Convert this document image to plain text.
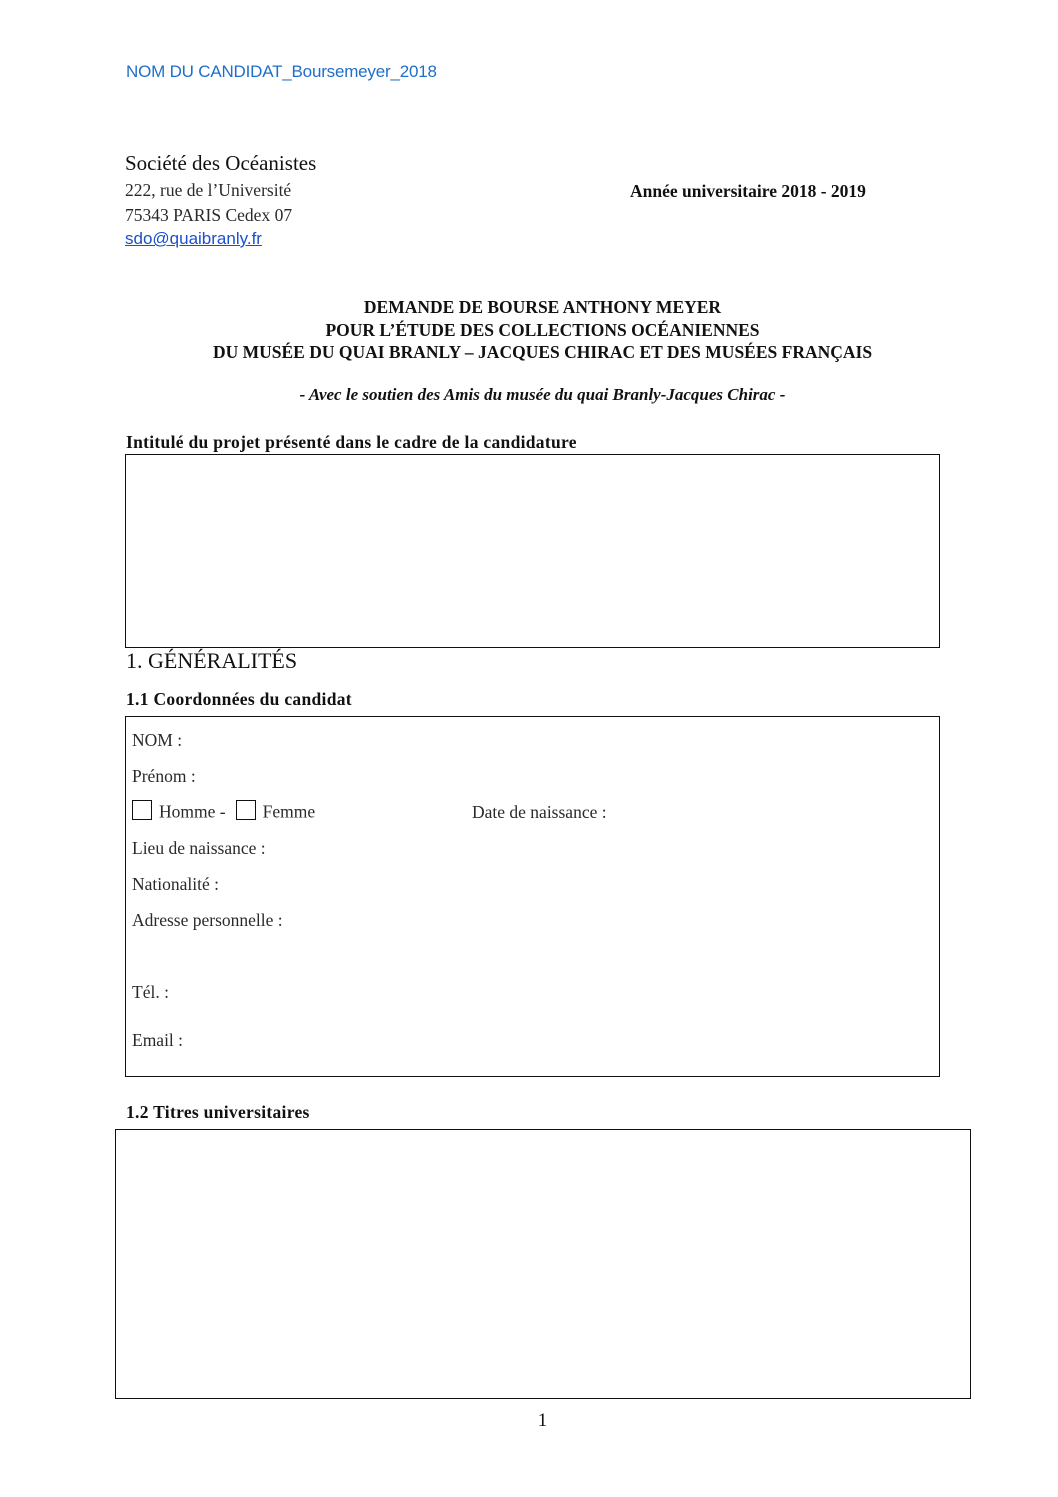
NOM DU CANDIDAT_Boursemeyer_2018
Société des Océanistes
222, rue de l’Université
75343 PARIS Cedex 07
sdo@quaibranly.fr
Année universitaire 2018 - 2019
DEMANDE DE BOURSE ANTHONY MEYER
POUR L’ÉTUDE DES COLLECTIONS OCÉANIENNES
DU MUSÉE DU QUAI BRANLY – JACQUES CHIRAC ET DES MUSÉES FRANÇAIS
- Avec le soutien des Amis du musée du quai Branly-Jacques Chirac -
Intitulé du projet présenté dans le cadre de la candidature
1. GÉNÉRALITÉS
1.1 Coordonnées du candidat
NOM :
Prénom :
Homme - Femme	Date de naissance :
Lieu de naissance :
Nationalité :
Adresse personnelle :
Tél. :
Email :
1.2 Titres universitaires
1
